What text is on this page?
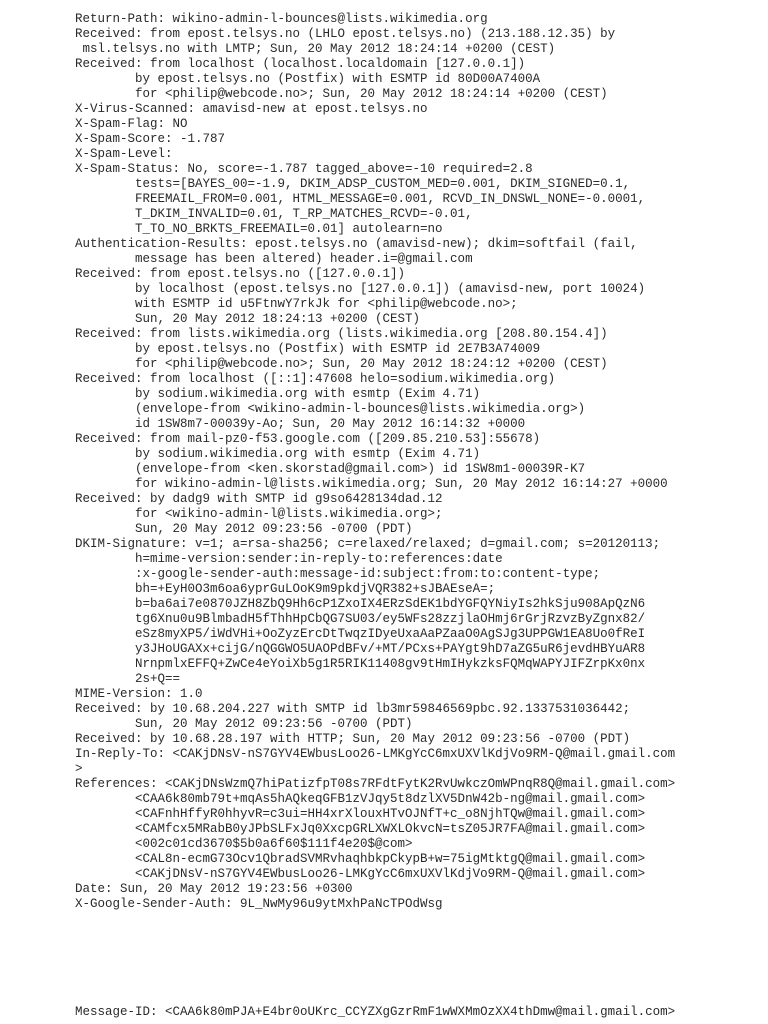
Return-Path: wikino-admin-l-bounces@lists.wikimedia.org
Received: from epost.telsys.no (LHLO epost.telsys.no) (213.188.12.35) by
msl.telsys.no with LMTP; Sun, 20 May 2012 18:24:14 +0200 (CEST)
Received: from localhost (localhost.localdomain [127.0.0.1])
by epost.telsys.no (Postfix) with ESMTP id 80D00A7400A
for <philip@webcode.no>; Sun, 20 May 2012 18:24:14 +0200 (CEST)
X-Virus-Scanned: amavisd-new at epost.telsys.no
X-Spam-Flag: NO
X-Spam-Score: -1.787
X-Spam-Level:
X-Spam-Status: No, score=-1.787 tagged_above=-10 required=2.8
tests=[BAYES_00=-1.9, DKIM_ADSP_CUSTOM_MED=0.001, DKIM_SIGNED=0.1,
FREEMAIL_FROM=0.001, HTML_MESSAGE=0.001, RCVD_IN_DNSWL_NONE=-0.0001,
T_DKIM_INVALID=0.01, T_RP_MATCHES_RCVD=-0.01,
T_TO_NO_BRKTS_FREEMAIL=0.01] autolearn=no
Authentication-Results: epost.telsys.no (amavisd-new); dkim=softfail (fail,
message has been altered) header.i=@gmail.com
Received: from epost.telsys.no ([127.0.0.1])
by localhost (epost.telsys.no [127.0.0.1]) (amavisd-new, port 10024)
with ESMTP id u5FtnwY7rkJk for <philip@webcode.no>;
Sun, 20 May 2012 18:24:13 +0200 (CEST)
Received: from lists.wikimedia.org (lists.wikimedia.org [208.80.154.4])
by epost.telsys.no (Postfix) with ESMTP id 2E7B3A74009
for <philip@webcode.no>; Sun, 20 May 2012 18:24:12 +0200 (CEST)
Received: from localhost ([::1]:47608 helo=sodium.wikimedia.org)
by sodium.wikimedia.org with esmtp (Exim 4.71)
(envelope-from <wikino-admin-l-bounces@lists.wikimedia.org>)
id 1SW8m7-00039y-Ao; Sun, 20 May 2012 16:14:32 +0000
Received: from mail-pz0-f53.google.com ([209.85.210.53]:55678)
by sodium.wikimedia.org with esmtp (Exim 4.71)
(envelope-from <ken.skorstad@gmail.com>) id 1SW8m1-00039R-K7
for wikino-admin-l@lists.wikimedia.org; Sun, 20 May 2012 16:14:27 +0000
Received: by dadg9 with SMTP id g9so6428134dad.12
for <wikino-admin-l@lists.wikimedia.org>;
Sun, 20 May 2012 09:23:56 -0700 (PDT)
DKIM-Signature: v=1; a=rsa-sha256; c=relaxed/relaxed; d=gmail.com; s=20120113;
h=mime-version:sender:in-reply-to:references:date
:x-google-sender-auth:message-id:subject:from:to:content-type;
bh=+EyH0O3m6oa6yprGuLOoK9m9pkdjVQR382+sJBAEseA=;
b=ba6ai7e0870JZH8ZbQ9Hh6cP1ZxoIX4ERzSdEK1bdYGFQYNiyIs2hkSju908ApQzN6
tg6Xnu0u9BlmbadH5fThhHpCbQG7SU03/ey5WFs28zzjlaOHmj6rGrjRzvzByZgnx82/
eSz8myXP5/iWdVHi+OoZyzErcDtTwqzIDyeUxaAaPZaaO0AgSJg3UPPGW1EA8Uo0fReI
y3JHoUGAXx+cijG/nQGGWO5UAOPdBFv/+MT/PCxs+PAYgt9hD7aZG5uR6jevdHBYuAR8
NrnpmlxEFFQ+ZwCe4eYoiXb5g1R5RIK11408gv9tHmIHykzksFQMqWAPYJIFZrpKx0nx
2s+Q==
MIME-Version: 1.0
Received: by 10.68.204.227 with SMTP id lb3mr59846569pbc.92.1337531036442;
Sun, 20 May 2012 09:23:56 -0700 (PDT)
Received: by 10.68.28.197 with HTTP; Sun, 20 May 2012 09:23:56 -0700 (PDT)
In-Reply-To: <CAKjDNsV-nS7GYV4EWbusLoo26-LMKgYcC6mxUXVlKdjVo9RM-Q@mail.gmail.com
>
References: <CAKjDNsWzmQ7hiPatizfpT08s7RFdtFytK2RvUwkczOmWPnqR8Q@mail.gmail.com>
<CAA6k80mb79t+mqAs5hAQkeqGFB1zVJqy5t8dzlXV5DnW42b-ng@mail.gmail.com>
<CAFnhHffyR0hhyvR=c3ui=HH4xrXlouxHTvOJNfT+c_o8NjhTQw@mail.gmail.com>
<CAMfcx5MRabB0yJPbSLFxJq0XxcpGRLXWXLOkvcN=tsZ05JR7FA@mail.gmail.com>
<002c01cd3670$5b0a6f60$111f4e20$@com>
<CAL8n-ecmG73Ocv1QbradSVMRvhaqhbkpCkypB+w=75igMtktgQ@mail.gmail.com>
<CAKjDNsV-nS7GYV4EWbusLoo26-LMKgYcC6mxUXVlKdjVo9RM-Q@mail.gmail.com>
Date: Sun, 20 May 2012 19:23:56 +0300
X-Google-Sender-Auth: 9L_NwMy96u9ytMxhPaNcTPOdWsg
Message-ID: <CAA6k80mPJA+E4br0oUKrc_CCYZXgGzrRmF1wWXMmOzXX4thDmw@mail.gmail.com>
